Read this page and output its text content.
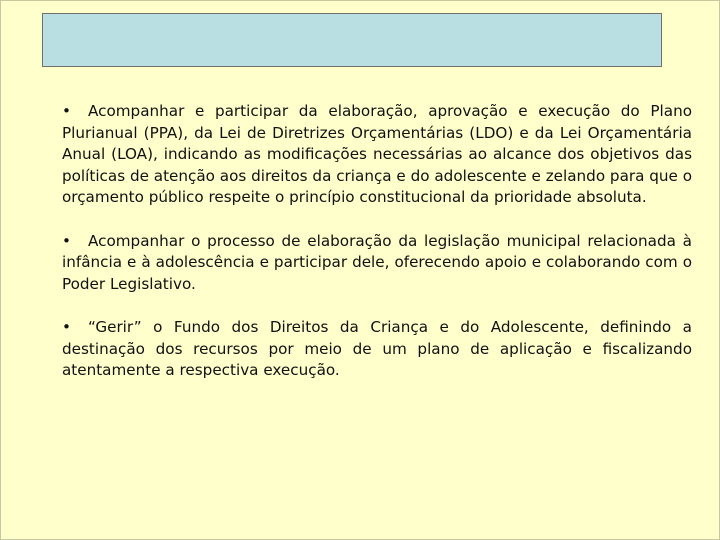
• Acompanhar e participar da elaboração, aprovação e execução do Plano Plurianual (PPA), da Lei de Diretrizes Orçamentárias (LDO) e da Lei Orçamentária Anual (LOA), indicando as modificações necessárias ao alcance dos objetivos das políticas de atenção aos direitos da criança e do adolescente e zelando para que o orçamento público respeite o princípio constitucional da prioridade absoluta.

• Acompanhar o processo de elaboração da legislação municipal relacionada à infância e à adolescência e participar dele, oferecendo apoio e colaborando com o Poder Legislativo.

• “Gerir” o Fundo dos Direitos da Criança e do Adolescente, definindo a destinação dos recursos por meio de um plano de aplicação e fiscalizando atentamente a respectiva execução.
